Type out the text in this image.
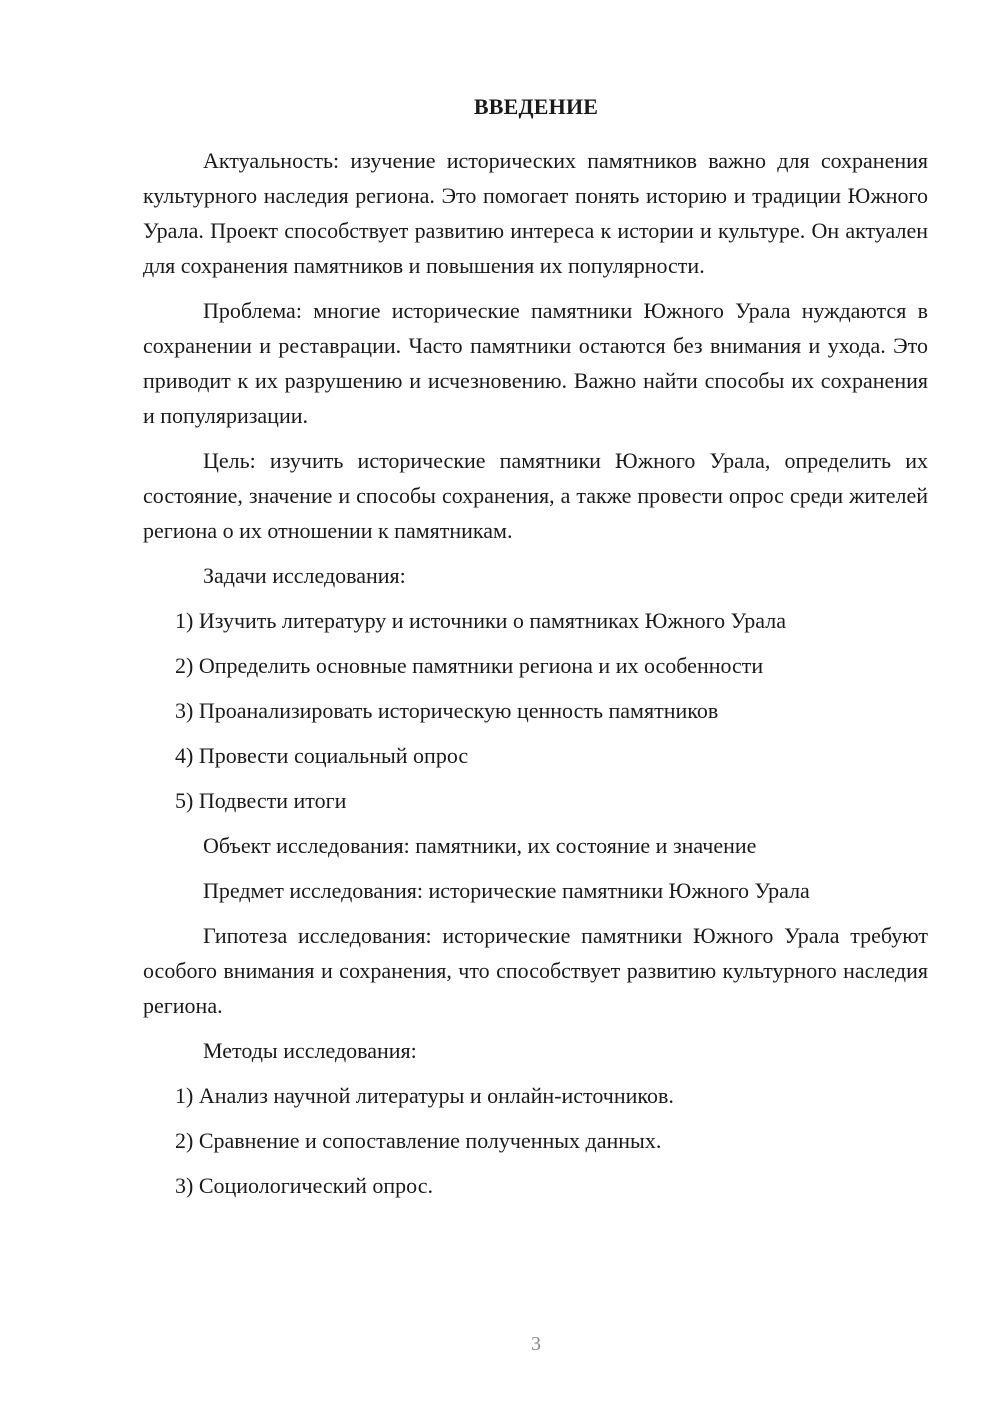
ВВЕДЕНИЕ

Актуальность: изучение исторических памятников важно для сохранения культурного наследия региона. Это помогает понять историю и традиции Южного Урала. Проект способствует развитию интереса к истории и культуре. Он актуален для сохранения памятников и повышения их популярности.

Проблема: многие исторические памятники Южного Урала нуждаются в сохранении и реставрации. Часто памятники остаются без внимания и ухода. Это приводит к их разрушению и исчезновению. Важно найти способы их сохранения и популяризации.

Цель: изучить исторические памятники Южного Урала, определить их состояние, значение и способы сохранения, а также провести опрос среди жителей региона о их отношении к памятникам.

Задачи исследования:

1) Изучить литературу и источники о памятниках Южного Урала

2) Определить основные памятники региона и их особенности

3) Проанализировать историческую ценность памятников

4) Провести социальный опрос

5) Подвести итоги

Объект исследования: памятники, их состояние и значение

Предмет исследования: исторические памятники Южного Урала

Гипотеза исследования: исторические памятники Южного Урала требуют особого внимания и сохранения, что способствует развитию культурного наследия региона.

Методы исследования:

1) Анализ научной литературы и онлайн-источников.

2) Сравнение и сопоставление полученных данных.

3) Социологический опрос.

3
